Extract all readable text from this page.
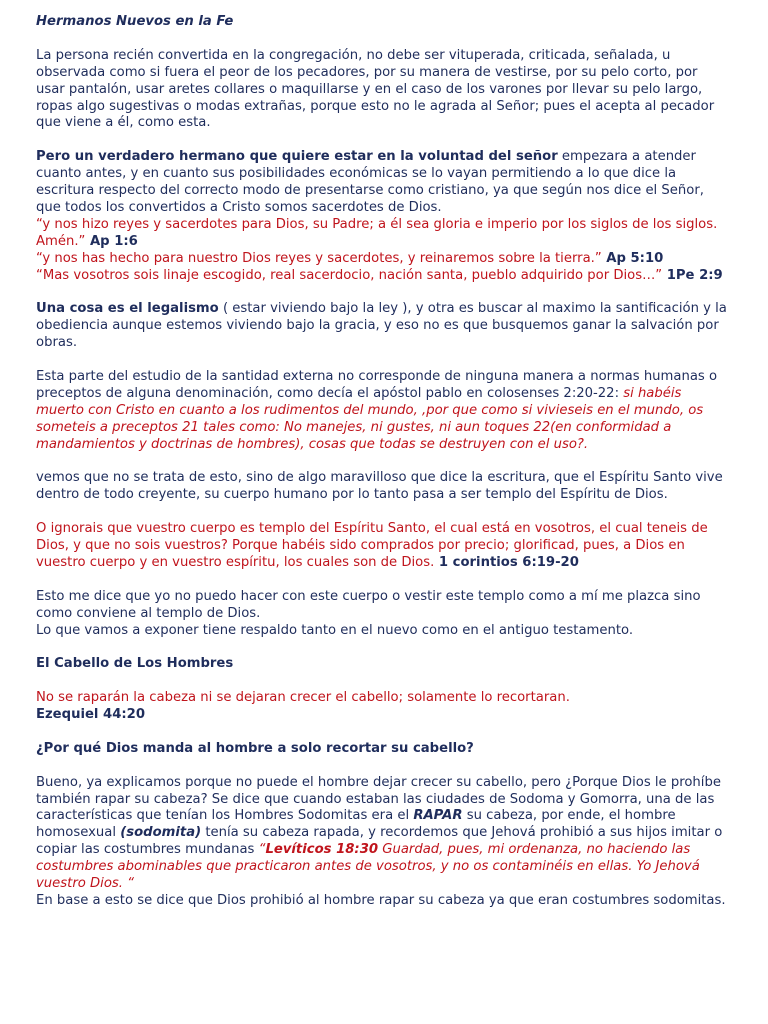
Hermanos Nuevos en la Fe

La persona recién convertida en la congregación, no debe ser vituperada, criticada, señalada, u observada como si fuera el peor de los pecadores, por su manera de vestirse, por su pelo corto, por usar pantalón, usar aretes collares o maquillarse y en el caso de los varones por llevar su pelo largo, ropas algo sugestivas o modas extrañas, porque esto no le agrada al Señor; pues el acepta al pecador que viene a él, como esta.

Pero un verdadero hermano que quiere estar en la voluntad del señor empezara a atender cuanto antes, y en cuanto sus posibilidades económicas se lo vayan permitiendo a lo que dice la escritura respecto del correcto modo de presentarse como cristiano, ya que según nos dice el Señor, que todos los convertidos a Cristo somos sacerdotes de Dios.
“y nos hizo reyes y sacerdotes para Dios, su Padre; a él sea gloria e imperio por los siglos de los siglos. Amén.” Ap 1:6
“y nos has hecho para nuestro Dios reyes y sacerdotes, y reinaremos sobre la tierra.” Ap 5:10
“Mas vosotros sois linaje escogido, real sacerdocio, nación santa, pueblo adquirido por Dios…” 1Pe 2:9

Una cosa es el legalismo ( estar viviendo bajo la ley ), y otra es buscar al maximo la santificación y la obediencia aunque estemos viviendo bajo la gracia, y eso no es que busquemos ganar la salvación por obras.

Esta parte del estudio de la santidad externa no corresponde de ninguna manera a normas humanas o preceptos de alguna denominación, como decía el apóstol pablo en colosenses 2:20-22: si habéis muerto con Cristo en cuanto a los rudimentos del mundo, ,por que como si vivieseis en el mundo, os someteis a preceptos 21 tales como: No manejes, ni gustes, ni aun toques 22(en conformidad a mandamientos y doctrinas de hombres), cosas que todas se destruyen con el uso?.

vemos que no se trata de esto, sino de algo maravilloso que dice la escritura, que el Espíritu Santo vive dentro de todo creyente, su cuerpo humano por lo tanto pasa a ser templo del Espíritu de Dios.

O ignorais que vuestro cuerpo es templo del Espíritu Santo, el cual está en vosotros, el cual teneis de Dios, y que no sois vuestros? Porque habéis sido comprados por precio; glorificad, pues, a Dios en vuestro cuerpo y en vuestro espíritu, los cuales son de Dios. 1 corintios 6:19-20

Esto me dice que yo no puedo hacer con este cuerpo o vestir este templo como a mí me plazca sino como conviene al templo de Dios.
Lo que vamos a exponer tiene respaldo tanto en el nuevo como en el antiguo testamento.

El Cabello de Los Hombres

No se raparán la cabeza ni se dejaran crecer el cabello; solamente lo recortaran.
Ezequiel 44:20

¿Por qué Dios manda al hombre a solo recortar su cabello?

Bueno, ya explicamos porque no puede el hombre dejar crecer su cabello, pero ¿Porque Dios le prohíbe también rapar su cabeza? Se dice que cuando estaban las ciudades de Sodoma y Gomorra, una de las características que tenían los Hombres Sodomitas era el RAPAR su cabeza, por ende, el hombre homosexual (sodomita) tenía su cabeza rapada, y recordemos que Jehová prohibió a sus hijos imitar o copiar las costumbres mundanas “Levíticos 18:30 Guardad, pues, mi ordenanza, no haciendo las costumbres abominables que practicaron antes de vosotros, y no os contaminéis en ellas. Yo Jehová vuestro Dios. “
En base a esto se dice que Dios prohibió al hombre rapar su cabeza ya que eran costumbres sodomitas.
